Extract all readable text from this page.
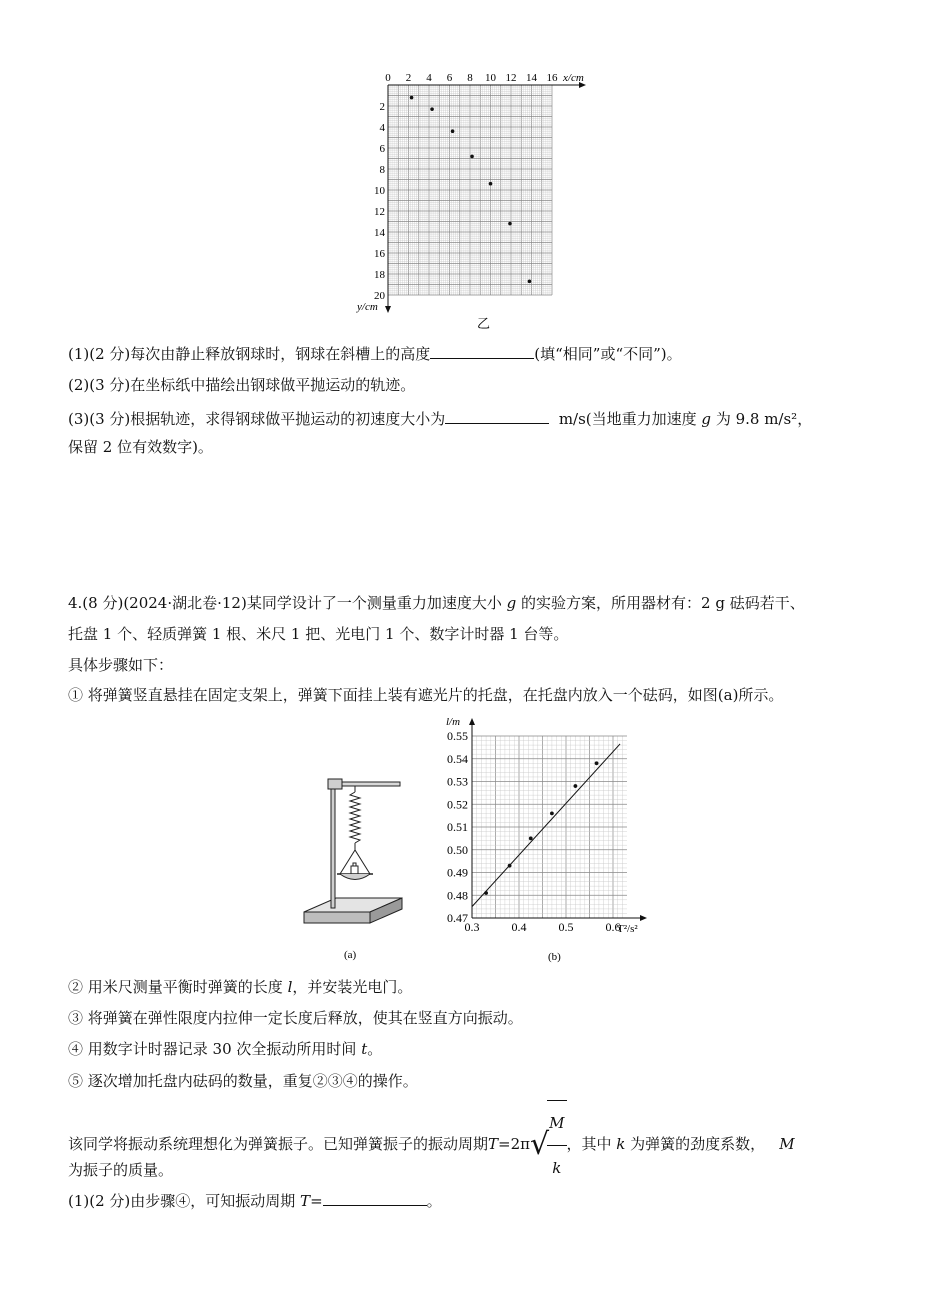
0 2 4 6 8 10 12 14 16
2
4
6
8
10
12
14
16
18
20
x/cm
y/cm
乙
(1)(2 分)每次由静止释放钢球时，钢球在斜槽上的高度	(填“相同”或“不同”)。
(2)(3 分)在坐标纸中描绘出钢球做平抛运动的轨迹。
(3)(3 分)根据轨迹，求得钢球做平抛运动的初速度大小为	m/s(当地重力加速度 g 为 9.8 m/s²，
保留 2 位有效数字)。
4.(8 分)(2024·湖北卷·12)某同学设计了一个测量重力加速度大小 g 的实验方案，所用器材有：2 g 砝码若干、
托盘 1 个、轻质弹簧 1 根、米尺 1 把、光电门 1 个、数字计时器 1 台等。
具体步骤如下：
① 将弹簧竖直悬挂在固定支架上，弹簧下面挂上装有遮光片的托盘，在托盘内放入一个砝码，如图(a)所示。
(a)
0.3	0.4	0.5	0.6
0.47
0.48
0.49
0.50
0.51
0.52
0.53
0.54
0.55
l/m
T²/s²
(b)
② 用米尺测量平衡时弹簧的长度 l，并安装光电门。
③ 将弹簧在弹性限度内拉伸一定长度后释放，使其在竖直方向振动。
④ 用数字计时器记录 30 次全振动所用时间 t。
⑤ 逐次增加托盘内砝码的数量，重复②③④的操作。
该同学将振动系统理想化为弹簧振子。已知弹簧振子的振动周期T=2π√
$\frac{M}{k}$ ，其中 k 为弹簧的劲度系数， M
为振子的质量。
(1)(2 分)由步骤④，可知振动周期 T=	。
